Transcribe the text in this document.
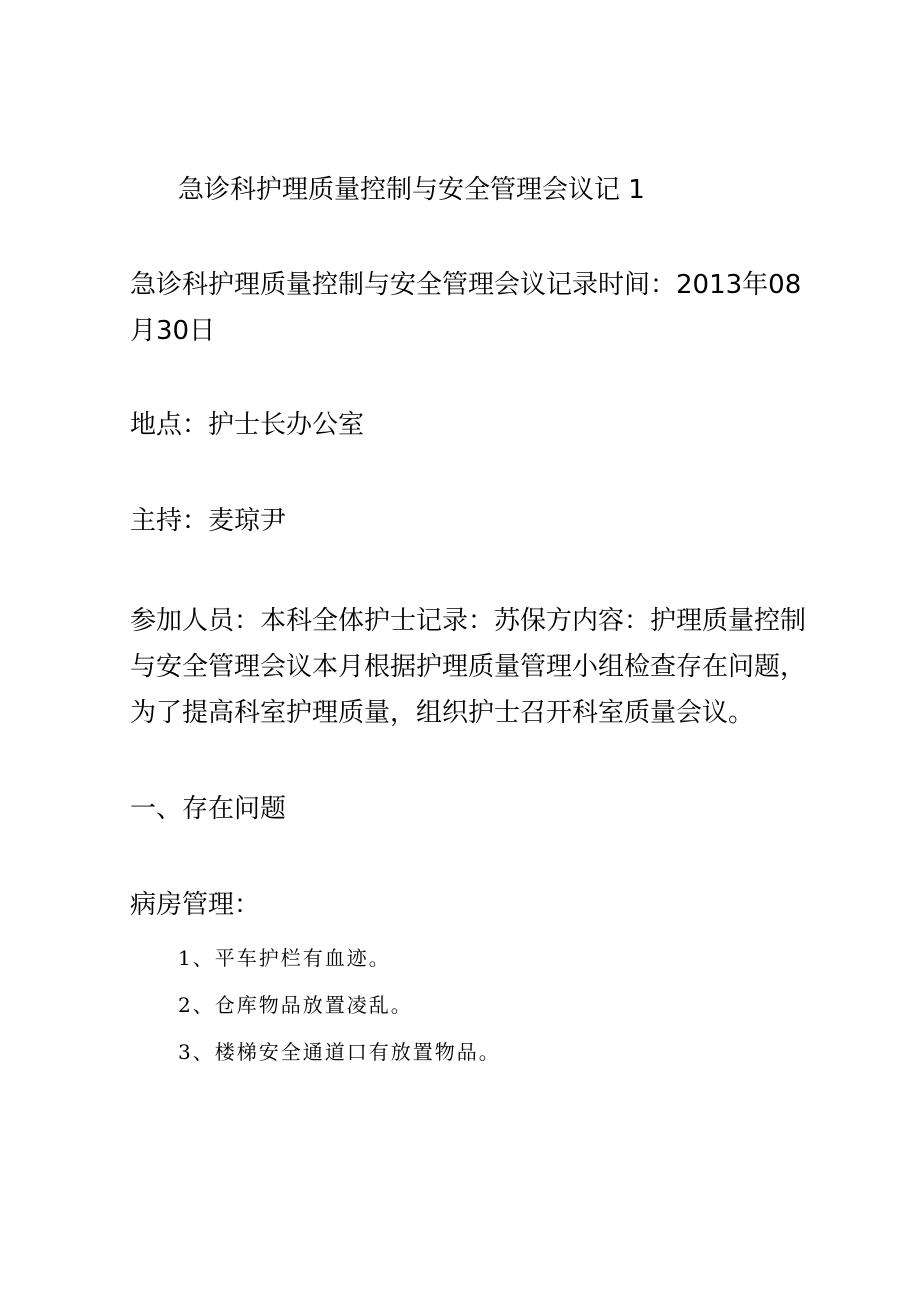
急诊科护理质量控制与安全管理会议记 1
急诊科护理质量控制与安全管理会议记录时间：2013年08月30日
地点：护士长办公室
主持：麦琼尹
参加人员：本科全体护士记录：苏保方内容：护理质量控制与安全管理会议本月根据护理质量管理小组检查存在问题，为了提高科室护理质量，组织护士召开科室质量会议。
一、存在问题
病房管理：
1、平车护栏有血迹。
2、仓库物品放置凌乱。
3、楼梯安全通道口有放置物品。
